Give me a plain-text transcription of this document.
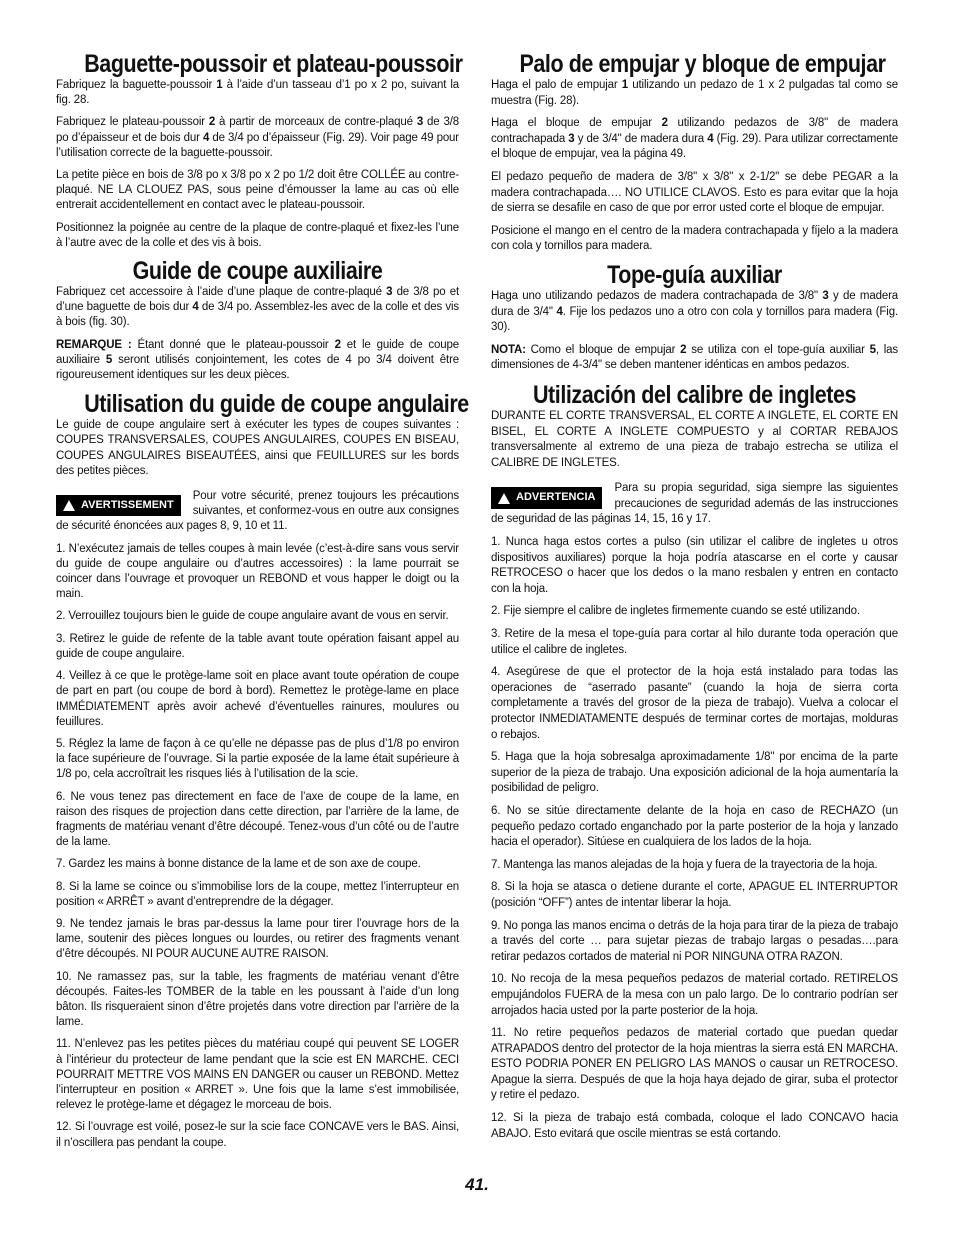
Baguette-poussoir et plateau-poussoir

Fabriquez la baguette-poussoir 1 à l’aide d’un tasseau d’1 po x 2 po, suivant la fig. 28.

Fabriquez le plateau-poussoir 2 à partir de morceaux de contre-plaqué 3 de 3/8 po d’épaisseur et de bois dur 4 de 3/4 po d’épaisseur (Fig. 29). Voir page 49 pour l’utilisation correcte de la baguette-poussoir.

La petite pièce en bois de 3/8 po x 3/8 po x 2 po 1/2 doit être COLLÉE au contre-plaqué. NE LA CLOUEZ PAS, sous peine d’émousser la lame au cas où elle entrerait accidentellement en contact avec le plateau-poussoir.

Positionnez la poignée au centre de la plaque de contre-plaqué et fixez-les l’une à l’autre avec de la colle et des vis à bois.

Guide de coupe auxiliaire

Fabriquez cet accessoire à l’aide d’une plaque de contre-plaqué 3 de 3/8 po et d’une baguette de bois dur 4 de 3/4 po. Assemblez-les avec de la colle et des vis à bois (fig. 30).

REMARQUE : Étant donné que le plateau-poussoir 2 et le guide de coupe auxiliaire 5 seront utilisés conjointement, les cotes de 4 po 3/4 doivent être rigoureusement identiques sur les deux pièces.

Utilisation du guide de coupe angulaire

Le guide de coupe angulaire sert à exécuter les types de coupes suivantes : COUPES TRANSVERSALES, COUPES ANGULAIRES, COUPES EN BISEAU, COUPES ANGULAIRES BISEAUTÉES, ainsi que FEUILLURES sur les bords des petites pièces.

AVERTISSEMENT
Pour votre sécurité, prenez toujours les précautions suivantes, et conformez-vous en outre aux consignes de sécurité énoncées aux pages 8, 9, 10 et 11.

1. N’exécutez jamais de telles coupes à main levée (c’est-à-dire sans vous servir du guide de coupe angulaire ou d’autres accessoires) : la lame pourrait se coincer dans l’ouvrage et provoquer un REBOND et vous happer le doigt ou la main.

2. Verrouillez toujours bien le guide de coupe angulaire avant de vous en servir.

3. Retirez le guide de refente de la table avant toute opération faisant appel au guide de coupe angulaire.

4. Veillez à ce que le protège-lame soit en place avant toute opération de coupe de part en part (ou coupe de bord à bord). Remettez le protège-lame en place IMMÉDIATEMENT après avoir achevé d’éventuelles rainures, moulures ou feuillures.

5. Réglez la lame de façon à ce qu’elle ne dépasse pas de plus d’1/8 po environ la face supérieure de l’ouvrage. Si la partie exposée de la lame était supérieure à 1/8 po, cela accroîtrait les risques liés à l’utilisation de la scie.

6. Ne vous tenez pas directement en face de l’axe de coupe de la lame, en raison des risques de projection dans cette direction, par l’arrière de la lame, de fragments de matériau venant d’être découpé. Tenez-vous d’un côté ou de l’autre de la lame.

7. Gardez les mains à bonne distance de la lame et de son axe de coupe.

8. Si la lame se coince ou s’immobilise lors de la coupe, mettez l’interrupteur en position « ARRÊT » avant d’entreprendre de la dégager.

9. Ne tendez jamais le bras par-dessus la lame pour tirer l’ouvrage hors de la lame, soutenir des pièces longues ou lourdes, ou retirer des fragments venant d’être découpés. NI POUR AUCUNE AUTRE RAISON.

10. Ne ramassez pas, sur la table, les fragments de matériau venant d’être découpés. Faites-les TOMBER de la table en les poussant à l’aide d’un long bâton. Ils risqueraient sinon d’être projetés dans votre direction par l’arrière de la lame.

11. N’enlevez pas les petites pièces du matériau coupé qui peuvent SE LOGER à l’intérieur du protecteur de lame pendant que la scie est EN MARCHE. CECI POURRAIT METTRE VOS MAINS EN DANGER ou causer un REBOND. Mettez l’interrupteur en position « ARRET ». Une fois que la lame s’est immobilisée, relevez le protège-lame et dégagez le morceau de bois.

12. Si l’ouvrage est voilé, posez-le sur la scie face CONCAVE vers le BAS. Ainsi, il n’oscillera pas pendant la coupe.

Palo de empujar y bloque de empujar

Haga el palo de empujar 1 utilizando un pedazo de 1 x 2 pulgadas tal como se muestra (Fig. 28).

Haga el bloque de empujar 2 utilizando pedazos de 3/8" de madera contrachapada 3 y de 3/4" de madera dura 4 (Fig. 29). Para utilizar correctamente el bloque de empujar, vea la página 49.

El pedazo pequeño de madera de 3/8" x 3/8" x 2-1/2" se debe PEGAR a la madera contrachapada…. NO UTILICE CLAVOS. Esto es para evitar que la hoja de sierra se desafile en caso de que por error usted corte el bloque de empujar.

Posicione el mango en el centro de la madera contrachapada y fíjelo a la madera con cola y tornillos para madera.

Tope-guía auxiliar

Haga uno utilizando pedazos de madera contrachapada de 3/8" 3 y de madera dura de 3/4" 4. Fije los pedazos uno a otro con cola y tornillos para madera (Fig. 30).

NOTA: Como el bloque de empujar 2 se utiliza con el tope-guía auxiliar 5, las dimensiones de 4-3/4" se deben mantener idénticas en ambos pedazos.

Utilización del calibre de ingletes

DURANTE EL CORTE TRANSVERSAL, EL CORTE A INGLETE, EL CORTE EN BISEL, EL CORTE A INGLETE COMPUESTO y al CORTAR REBAJOS transversalmente al extremo de una pieza de trabajo estrecha se utiliza el CALIBRE DE INGLETES.

ADVERTENCIA
Para su propia seguridad, siga siempre las siguientes precauciones de seguridad además de las instrucciones de seguridad de las páginas 14, 15, 16 y 17.

1. Nunca haga estos cortes a pulso (sin utilizar el calibre de ingletes u otros dispositivos auxiliares) porque la hoja podría atascarse en el corte y causar RETROCESO o hacer que los dedos o la mano resbalen y entren en contacto con la hoja.

2. Fije siempre el calibre de ingletes firmemente cuando se esté utilizando.

3. Retire de la mesa el tope-guía para cortar al hilo durante toda operación que utilice el calibre de ingletes.

4. Asegúrese de que el protector de la hoja está instalado para todas las operaciones de “aserrado pasante” (cuando la hoja de sierra corta completamente a través del grosor de la pieza de trabajo). Vuelva a colocar el protector INMEDIATAMENTE después de terminar cortes de mortajas, molduras o rebajos.

5. Haga que la hoja sobresalga aproximadamente 1/8" por encima de la parte superior de la pieza de trabajo. Una exposición adicional de la hoja aumentaría la posibilidad de peligro.

6. No se sitúe directamente delante de la hoja en caso de RECHAZO (un pequeño pedazo cortado enganchado por la parte posterior de la hoja y lanzado hacia el operador). Sitúese en cualquiera de los lados de la hoja.

7. Mantenga las manos alejadas de la hoja y fuera de la trayectoria de la hoja.

8. Si la hoja se atasca o detiene durante el corte, APAGUE EL INTERRUPTOR (posición “OFF”) antes de intentar liberar la hoja.

9. No ponga las manos encima o detrás de la hoja para tirar de la pieza de trabajo a través del corte … para sujetar piezas de trabajo largas o pesadas….para retirar pedazos cortados de material ni POR NINGUNA OTRA RAZON.

10. No recoja de la mesa pequeños pedazos de material cortado. RETIRELOS empujándolos FUERA de la mesa con un palo largo. De lo contrario podrían ser arrojados hacia usted por la parte posterior de la hoja.

11. No retire pequeños pedazos de material cortado que puedan quedar ATRAPADOS dentro del protector de la hoja mientras la sierra está EN MARCHA. ESTO PODRIA PONER EN PELIGRO LAS MANOS o causar un RETROCESO. Apague la sierra. Después de que la hoja haya dejado de girar, suba el protector y retire el pedazo.

12. Si la pieza de trabajo está combada, coloque el lado CONCAVO hacia ABAJO. Esto evitará que oscile mientras se está cortando.

41.
